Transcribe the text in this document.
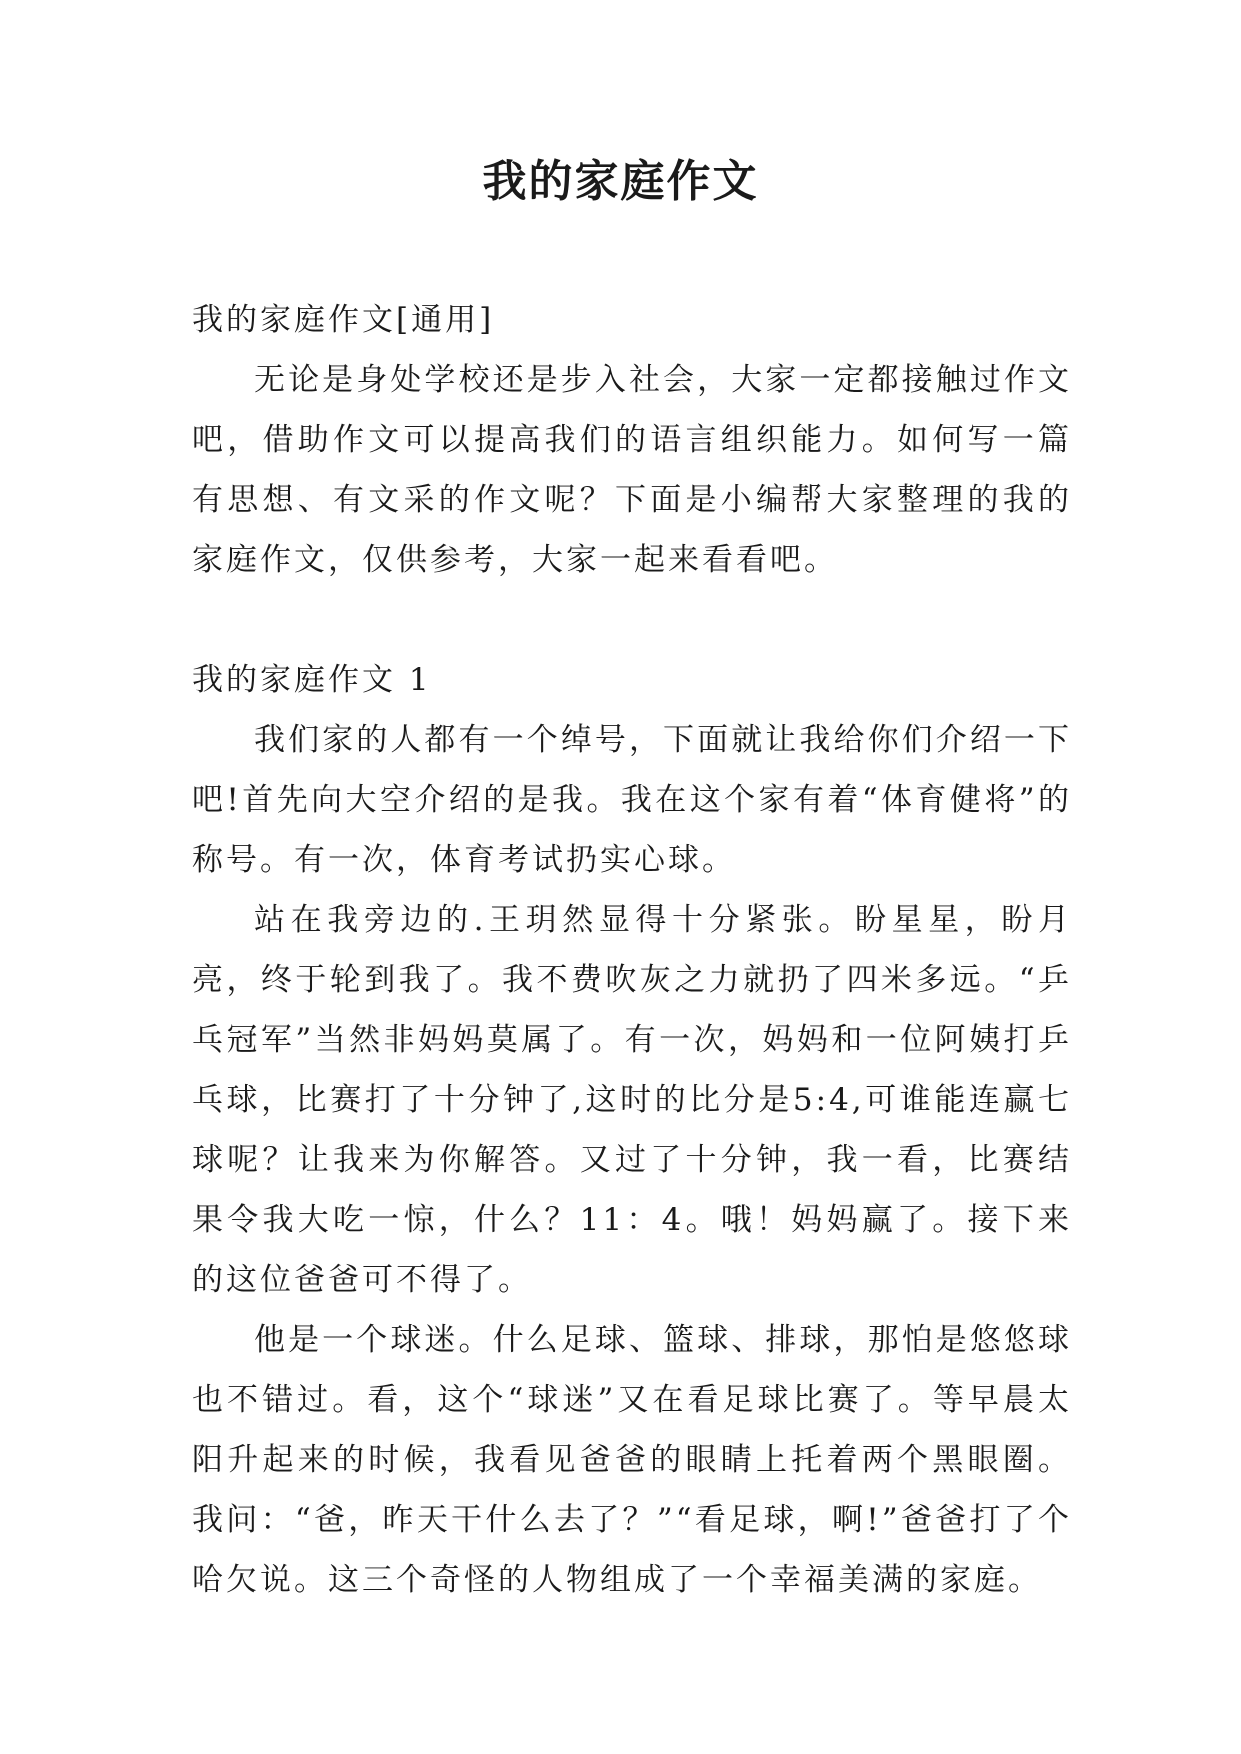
我的家庭作文

我的家庭作文[通用]

无论是身处学校还是步入社会，大家一定都接触过作文吧，借助作文可以提高我们的语言组织能力。如何写一篇有思想、有文采的作文呢？下面是小编帮大家整理的我的家庭作文，仅供参考，大家一起来看看吧。

我的家庭作文 1

我们家的人都有一个绰号，下面就让我给你们介绍一下吧!首先向大空介绍的是我。我在这个家有着“体育健将”的称号。有一次，体育考试扔实心球。

站在我旁边的.王玥然显得十分紧张。盼星星，盼月亮，终于轮到我了。我不费吹灰之力就扔了四米多远。“乒乓冠军”当然非妈妈莫属了。有一次，妈妈和一位阿姨打乒乓球，比赛打了十分钟了,这时的比分是5:4,可谁能连赢七球呢？让我来为你解答。又过了十分钟，我一看，比赛结果令我大吃一惊，什么？11：4。哦！妈妈赢了。接下来的这位爸爸可不得了。

他是一个球迷。什么足球、篮球、排球，那怕是悠悠球也不错过。看，这个“球迷”又在看足球比赛了。等早晨太阳升起来的时候，我看见爸爸的眼睛上托着两个黑眼圈。我问：“爸，昨天干什么去了？”“看足球，啊!”爸爸打了个哈欠说。这三个奇怪的人物组成了一个幸福美满的家庭。
